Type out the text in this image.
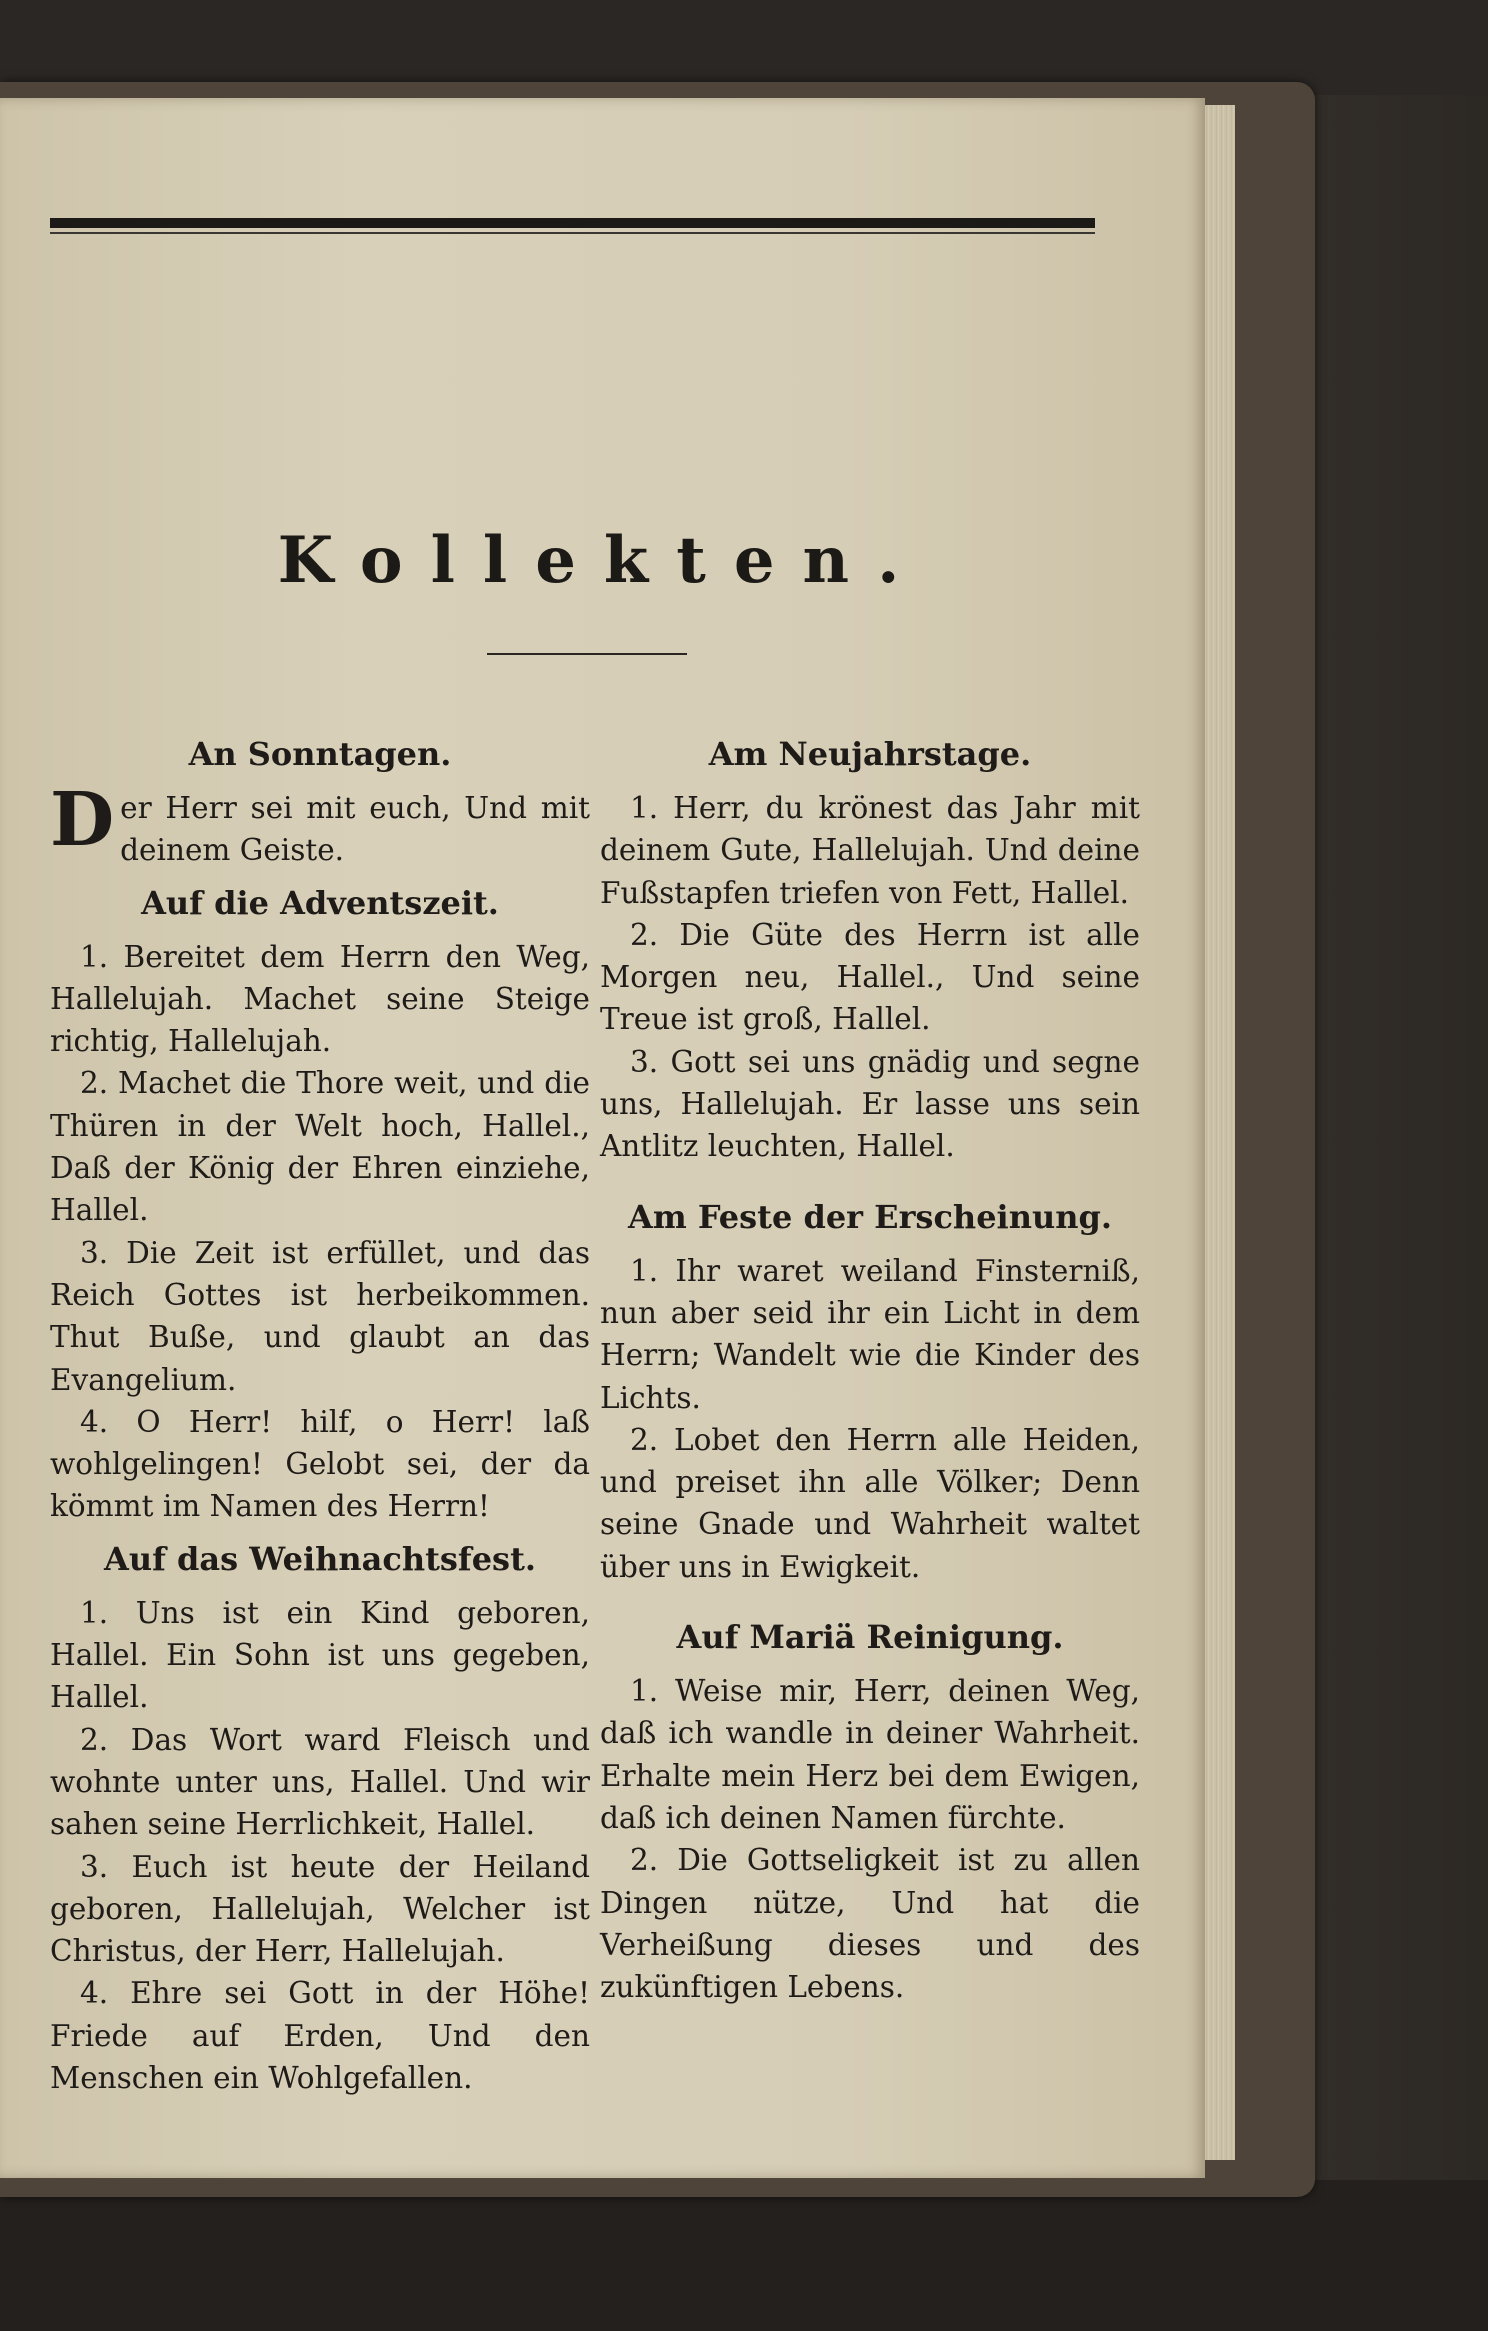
Kollekten.
An Sonntagen.

Der Herr sei mit euch, Und mit deinem Geiste.

Auf die Adventszeit.

1. Bereitet dem Herrn den Weg, Hallelujah. Machet seine Steige richtig, Hallelujah.

2. Machet die Thore weit, und die Thüren in der Welt hoch, Hallel., Daß der König der Ehren einziehe, Hallel.

3. Die Zeit ist erfüllet, und das Reich Gottes ist herbeikommen. Thut Buße, und glaubt an das Evangelium.

4. O Herr! hilf, o Herr! laß wohlgelingen! Gelobt sei, der da kömmt im Namen des Herrn!

Auf das Weihnachtsfest.

1. Uns ist ein Kind geboren, Hallel. Ein Sohn ist uns gegeben, Hallel.

2. Das Wort ward Fleisch und wohnte unter uns, Hallel. Und wir sahen seine Herrlichkeit, Hallel.

3. Euch ist heute der Heiland geboren, Hallelujah, Welcher ist Christus, der Herr, Hallelujah.

4. Ehre sei Gott in der Höhe! Friede auf Erden, Und den Menschen ein Wohlgefallen.

Am Neujahrstage.

1. Herr, du krönest das Jahr mit deinem Gute, Hallelujah. Und deine Fußstapfen triefen von Fett, Hallel.

2. Die Güte des Herrn ist alle Morgen neu, Hallel., Und seine Treue ist groß, Hallel.

3. Gott sei uns gnädig und segne uns, Hallelujah. Er lasse uns sein Antlitz leuchten, Hallel.

Am Feste der Erscheinung.

1. Ihr waret weiland Finsterniß, nun aber seid ihr ein Licht in dem Herrn; Wandelt wie die Kinder des Lichts.

2. Lobet den Herrn alle Heiden, und preiset ihn alle Völker; Denn seine Gnade und Wahrheit waltet über uns in Ewigkeit.

Auf Mariä Reinigung.

1. Weise mir, Herr, deinen Weg, daß ich wandle in deiner Wahrheit. Erhalte mein Herz bei dem Ewigen, daß ich deinen Namen fürchte.

2. Die Gottseligkeit ist zu allen Dingen nütze, Und hat die Verheißung dieses und des zukünftigen Lebens.
